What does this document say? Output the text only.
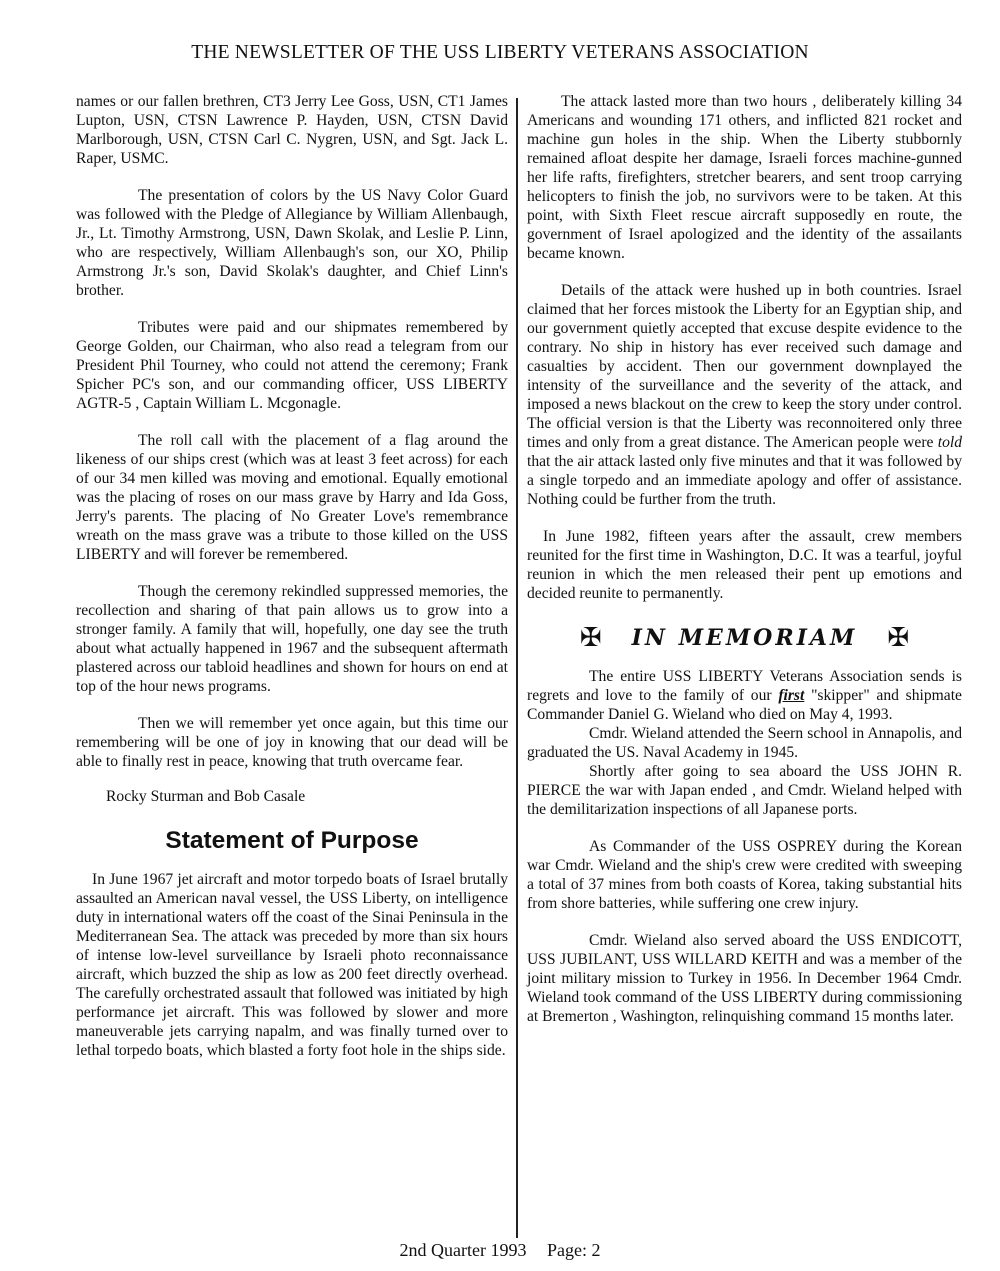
THE NEWSLETTER OF THE USS LIBERTY VETERANS ASSOCIATION

names or our fallen brethren, CT3 Jerry Lee Goss, USN, CT1 James Lupton, USN, CTSN Lawrence P. Hayden, USN, CTSN David Marlborough, USN, CTSN Carl C. Nygren, USN, and Sgt. Jack L. Raper, USMC.

The presentation of colors by the US Navy Color Guard was followed with the Pledge of Allegiance by William Allenbaugh, Jr., Lt. Timothy Armstrong, USN, Dawn Skolak, and Leslie P. Linn, who are respectively, William Allenbaugh's son, our XO, Philip Armstrong Jr.'s son, David Skolak's daughter, and Chief Linn's brother.

Tributes were paid and our shipmates remembered by George Golden, our Chairman, who also read a telegram from our President Phil Tourney, who could not attend the ceremony; Frank Spicher PC's son, and our commanding officer, USS LIBERTY AGTR-5 , Captain William L. Mcgonagle.

The roll call with the placement of a flag around the likeness of our ships crest (which was at least 3 feet across) for each of our 34 men killed was moving and emotional. Equally emotional was the placing of roses on our mass grave by Harry and Ida Goss, Jerry's parents. The placing of No Greater Love's remembrance wreath on the mass grave was a tribute to those killed on the USS LIBERTY and will forever be remembered.

Though the ceremony rekindled suppressed memories, the recollection and sharing of that pain allows us to grow into a stronger family. A family that will, hopefully, one day see the truth about what actually happened in 1967 and the subsequent aftermath plastered across our tabloid headlines and shown for hours on end at top of the hour news programs.

Then we will remember yet once again, but this time our remembering will be one of joy in knowing that our dead will be able to finally rest in peace, knowing that truth overcame fear.

Rocky Sturman and Bob Casale

Statement of Purpose

In June 1967 jet aircraft and motor torpedo boats of Israel brutally assaulted an American naval vessel, the USS Liberty, on intelligence duty in international waters off the coast of the Sinai Peninsula in the Mediterranean Sea. The attack was preceded by more than six hours of intense low-level surveillance by Israeli photo reconnaissance aircraft, which buzzed the ship as low as 200 feet directly overhead. The carefully orchestrated assault that followed was initiated by high performance jet aircraft. This was followed by slower and more maneuverable jets carrying napalm, and was finally turned over to lethal torpedo boats, which blasted a forty foot hole in the ships side.

The attack lasted more than two hours , deliberately killing 34 Americans and wounding 171 others, and inflicted 821 rocket and machine gun holes in the ship. When the Liberty stubbornly remained afloat despite her damage, Israeli forces machine-gunned her life rafts, firefighters, stretcher bearers, and sent troop carrying helicopters to finish the job, no survivors were to be taken. At this point, with Sixth Fleet rescue aircraft supposedly en route, the government of Israel apologized and the identity of the assailants became known.

Details of the attack were hushed up in both countries. Israel claimed that her forces mistook the Liberty for an Egyptian ship, and our government quietly accepted that excuse despite evidence to the contrary. No ship in history has ever received such damage and casualties by accident. Then our government downplayed the intensity of the surveillance and the severity of the attack, and imposed a news blackout on the crew to keep the story under control. The official version is that the Liberty was reconnoitered only three times and only from a great distance. The American people were told that the air attack lasted only five minutes and that it was followed by a single torpedo and an immediate apology and offer of assistance. Nothing could be further from the truth.

In June 1982, fifteen years after the assault, crew members reunited for the first time in Washington, D.C. It was a tearful, joyful reunion in which the men released their pent up emotions and decided reunite to permanently.

✠ IN MEMORIAM ✠

The entire USS LIBERTY Veterans Association sends is regrets and love to the family of our first "skipper" and shipmate Commander Daniel G. Wieland who died on May 4, 1993.

Cmdr. Wieland attended the Seern school in Annapolis, and graduated the US. Naval Academy in 1945.

Shortly after going to sea aboard the USS JOHN R. PIERCE the war with Japan ended , and Cmdr. Wieland helped with the demilitarization inspections of all Japanese ports.

As Commander of the USS OSPREY during the Korean war Cmdr. Wieland and the ship's crew were credited with sweeping a total of 37 mines from both coasts of Korea, taking substantial hits from shore batteries, while suffering one crew injury.

Cmdr. Wieland also served aboard the USS ENDICOTT, USS JUBILANT, USS WILLARD KEITH and was a member of the joint military mission to Turkey in 1956. In December 1964 Cmdr. Wieland took command of the USS LIBERTY during commissioning at Bremerton , Washington, relinquishing command 15 months later.

2nd Quarter 1993 Page: 2
